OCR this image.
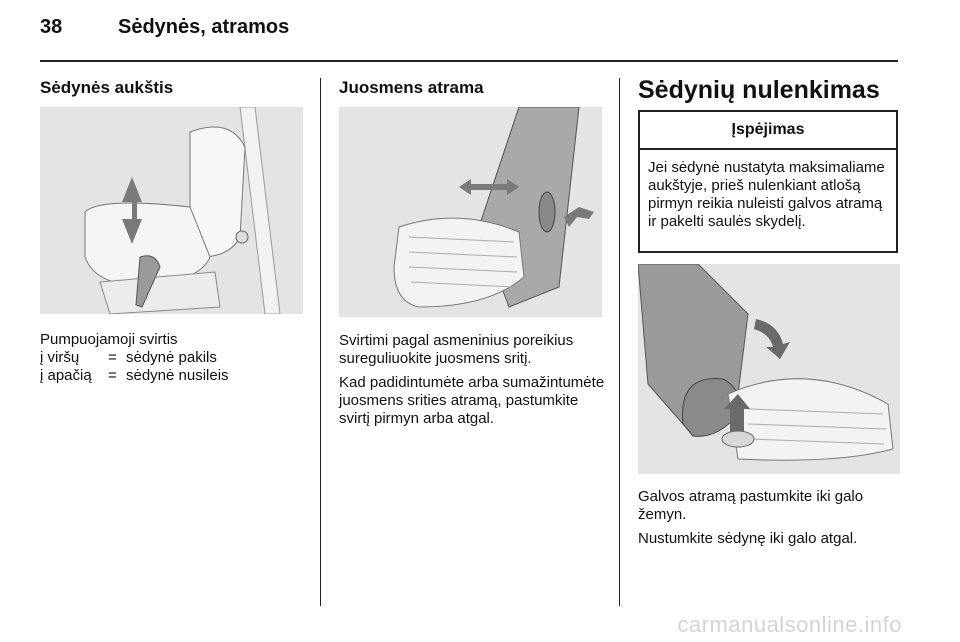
38	Sėdynės, atramos
Sėdynės aukštis
Pumpuojamoji svirtis
į viršų	= sėdynė pakils
į apačią	= sėdynė nusileis
Juosmens atrama

Svirtimi pagal asmeninius poreikius sureguliuokite juosmens sritį.

Kad padidintumėte arba sumažintumėte juosmens srities atramą, pastumkite svirtį pirmyn arba atgal.

Sėdynių nulenkimas
Įspėjimas
Jei sėdynė nustatyta maksimaliame aukštyje, prieš nulenkiant atlošą pirmyn reikia nuleisti galvos atramą ir pakelti saulės skydelį.

Galvos atramą pastumkite iki galo žemyn.

Nustumkite sėdynę iki galo atgal.

carmanualsonline.info
